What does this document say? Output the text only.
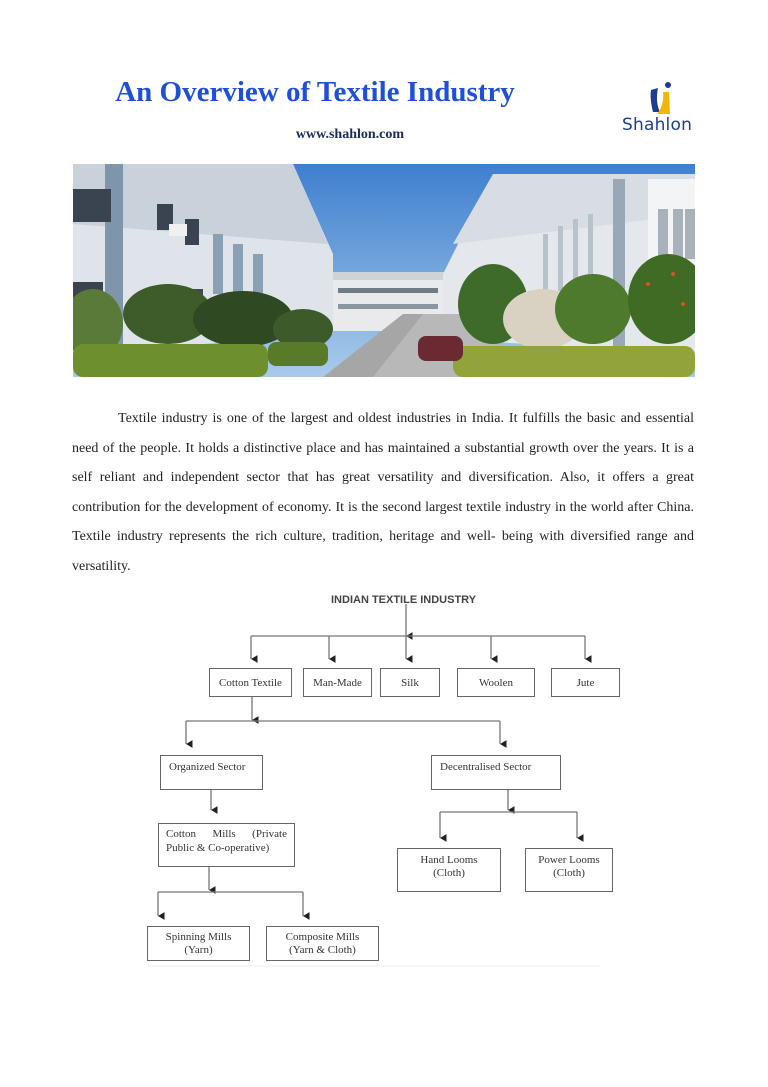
An Overview of Textile Industry
www.shahlon.com	Shahlon

Textile industry is one of the largest and oldest industries in India. It fulfills the basic and essential need of the people. It holds a distinctive place and has maintained a substantial growth over the years. It is a self reliant and independent sector that has great versatility and diversification. Also, it offers a great contribution for the development of economy. It is the second largest textile industry in the world after China. Textile industry represents the rich culture, tradition, heritage and well- being with diversified range and versatility.

INDIAN TEXTILE INDUSTRY
Cotton Textile	Man-Made	Silk	Woolen	Jute
Organized Sector	Decentralised Sector
Cotton Mills (Private Public & Co-operative)
Hand Looms
(Cloth)
Power Looms
(Cloth)
Spinning Mills
(Yarn)
Composite Mills
(Yarn & Cloth)
